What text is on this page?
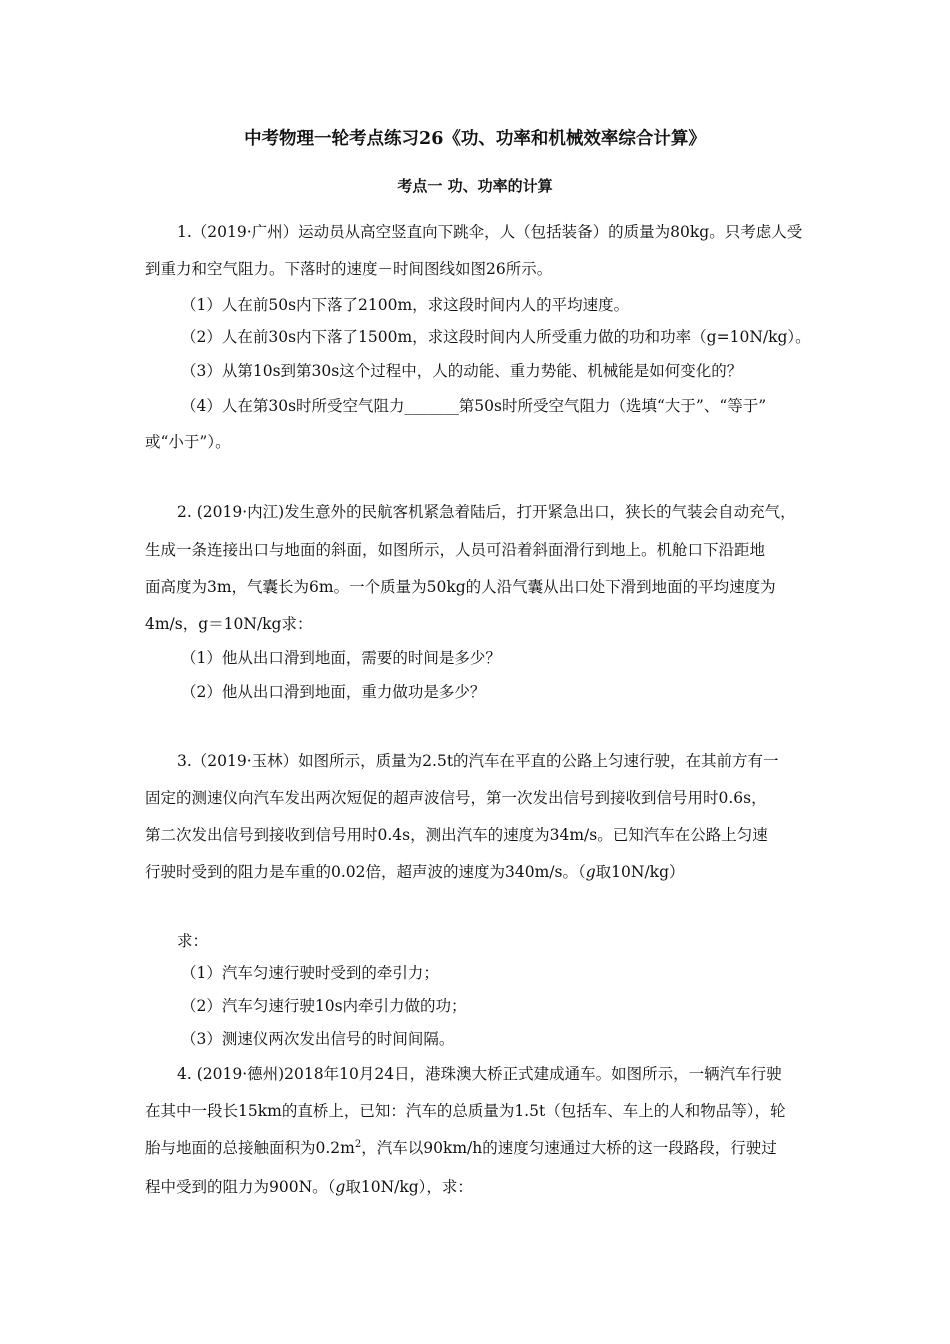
中考物理一轮考点练习26《功、功率和机械效率综合计算》
考点一 功、功率的计算
1.（2019·广州）运动员从高空竖直向下跳伞，人（包括装备）的质量为80kg。只考虑人受
到重力和空气阻力。下落时的速度－时间图线如图26所示。
（1）人在前50s内下落了2100m，求这段时间内人的平均速度。
（2）人在前30s内下落了1500m，求这段时间内人所受重力做的功和功率（g=10N/kg）。
（3）从第10s到第30s这个过程中，人的动能、重力势能、机械能是如何变化的？
（4）人在第30s时所受空气阻力_______第50s时所受空气阻力（选填“大于”、“等于”
或“小于”）。
2. (2019·内江)发生意外的民航客机紧急着陆后，打开紧急出口，狭长的气装会自动充气，
生成一条连接出口与地面的斜面，如图所示，人员可沿着斜面滑行到地上。机舱口下沿距地
面高度为3m，气囊长为6m。一个质量为50kg的人沿气囊从出口处下滑到地面的平均速度为
4m/s，g＝10N/kg求：
（1）他从出口滑到地面，需要的时间是多少？
（2）他从出口滑到地面，重力做功是多少？
3.（2019·玉林）如图所示，质量为2.5t的汽车在平直的公路上匀速行驶，在其前方有一
固定的测速仪向汽车发出两次短促的超声波信号，第一次发出信号到接收到信号用时0.6s，
第二次发出信号到接收到信号用时0.4s，测出汽车的速度为34m/s。已知汽车在公路上匀速
行驶时受到的阻力是车重的0.02倍，超声波的速度为340m/s。（g取10N/kg）
求：
（1）汽车匀速行驶时受到的牵引力；
（2）汽车匀速行驶10s内牵引力做的功；
（3）测速仪两次发出信号的时间间隔。
4. (2019·德州)2018年10月24日，港珠澳大桥正式建成通车。如图所示，一辆汽车行驶
在其中一段长15km的直桥上，已知：汽车的总质量为1.5t（包括车、车上的人和物品等），轮
胎与地面的总接触面积为$0.2m^2$，汽车以90km/h的速度匀速通过大桥的这一段路段，行驶过
程中受到的阻力为900N。（g取10N/kg），求：
